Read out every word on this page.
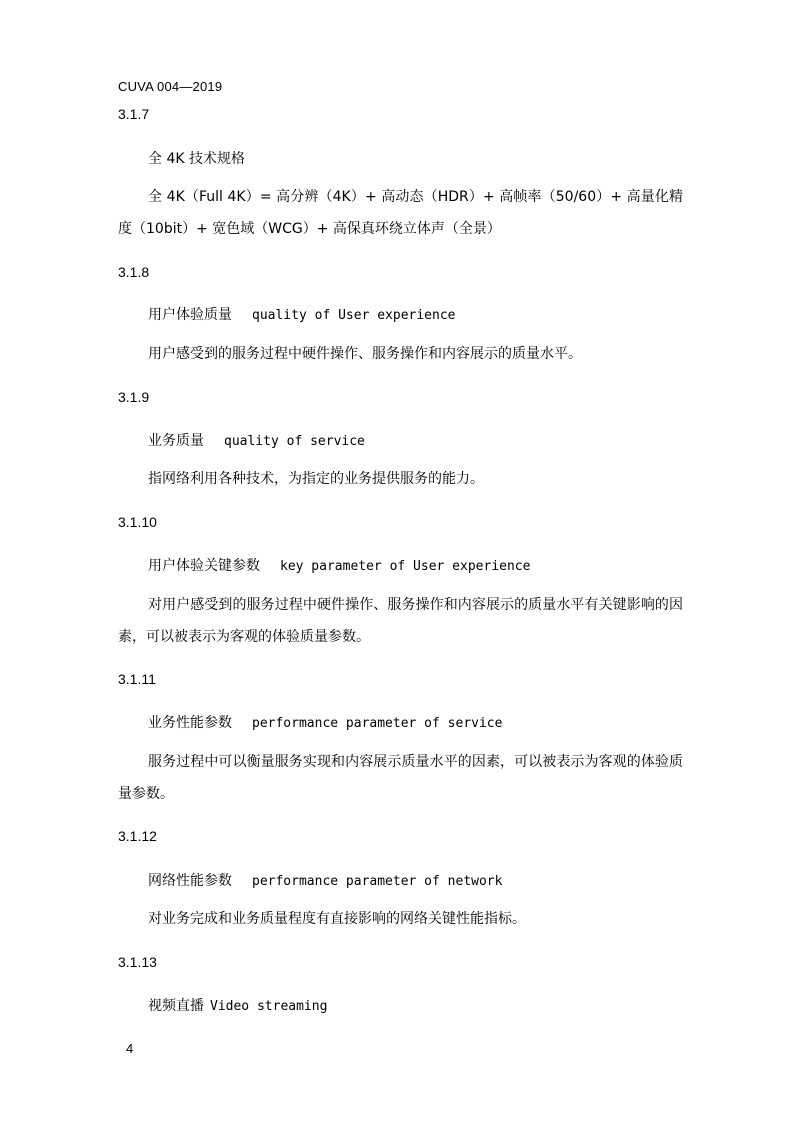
CUVA 004—2019
3.1.7
全 4K 技术规格
全 4K（Full 4K）= 高分辨（4K）+ 高动态（HDR）+ 高帧率（50/60）+ 高量化精度（10bit）+ 宽色域（WCG）+ 高保真环绕立体声（全景）
3.1.8
用户体验质量 quality of User experience
用户感受到的服务过程中硬件操作、服务操作和内容展示的质量水平。
3.1.9
业务质量 quality of service
指网络利用各种技术，为指定的业务提供服务的能力。
3.1.10
用户体验关键参数 key parameter of User experience
对用户感受到的服务过程中硬件操作、服务操作和内容展示的质量水平有关键影响的因素，可以被表示为客观的体验质量参数。
3.1.11
业务性能参数 performance parameter of service
服务过程中可以衡量服务实现和内容展示质量水平的因素，可以被表示为客观的体验质量参数。
3.1.12
网络性能参数 performance parameter of network
对业务完成和业务质量程度有直接影响的网络关键性能指标。
3.1.13
视频直播 Video streaming
4
